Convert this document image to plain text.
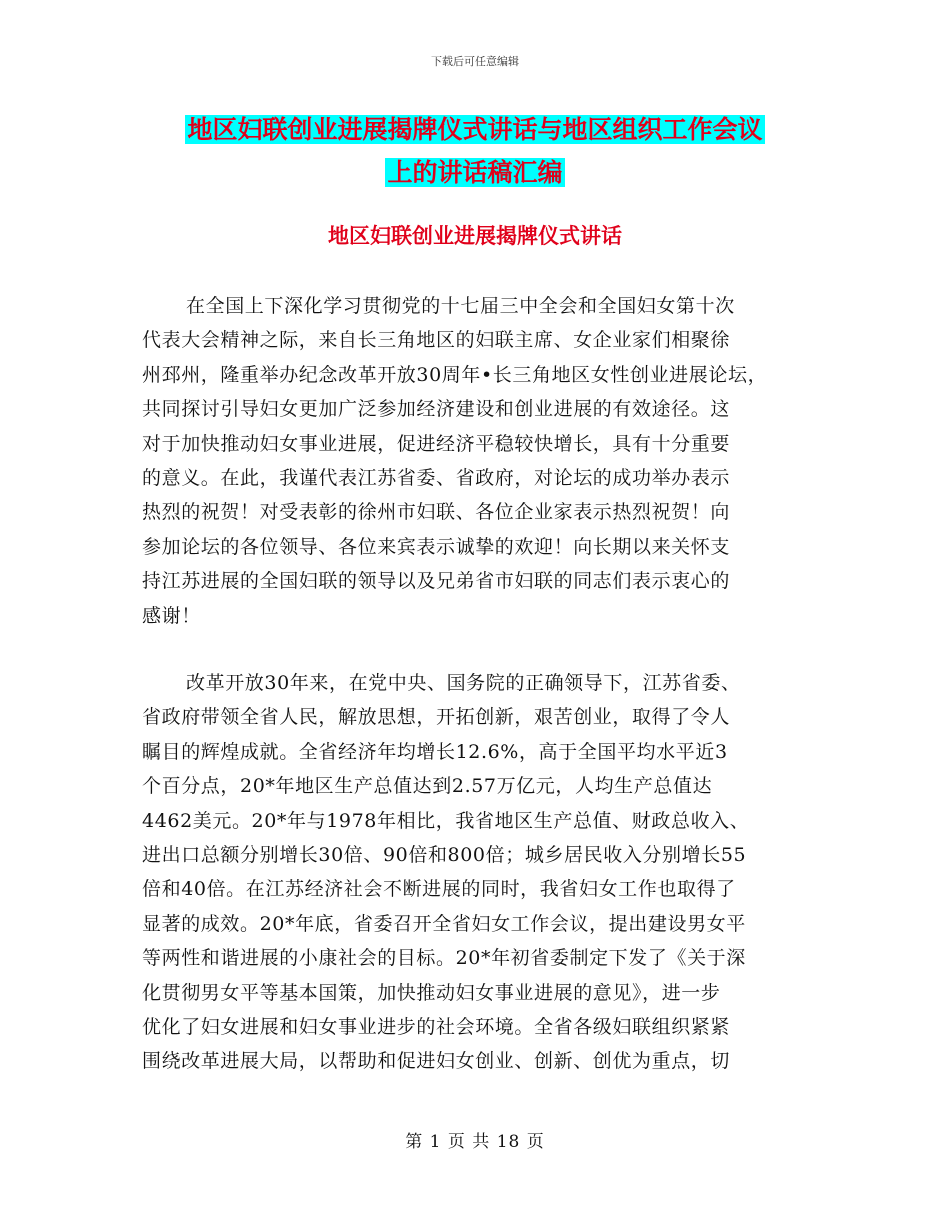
下载后可任意编辑
地区妇联创业进展揭牌仪式讲话与地区组织工作会议
上的讲话稿汇编
地区妇联创业进展揭牌仪式讲话
在全国上下深化学习贯彻党的十七届三中全会和全国妇女第十次
代表大会精神之际，来自长三角地区的妇联主席、女企业家们相聚徐
州邳州，隆重举办纪念改革开放30周年•长三角地区女性创业进展论坛，
共同探讨引导妇女更加广泛参加经济建设和创业进展的有效途径。这
对于加快推动妇女事业进展，促进经济平稳较快增长，具有十分重要
的意义。在此，我谨代表江苏省委、省政府，对论坛的成功举办表示
热烈的祝贺！对受表彰的徐州市妇联、各位企业家表示热烈祝贺！向
参加论坛的各位领导、各位来宾表示诚挚的欢迎！向长期以来关怀支
持江苏进展的全国妇联的领导以及兄弟省市妇联的同志们表示衷心的
感谢！
改革开放30年来，在党中央、国务院的正确领导下，江苏省委、
省政府带领全省人民，解放思想，开拓创新，艰苦创业，取得了令人
瞩目的辉煌成就。全省经济年均增长12.6%，高于全国平均水平近3
个百分点，20*年地区生产总值达到2.57万亿元，人均生产总值达
4462美元。20*年与1978年相比，我省地区生产总值、财政总收入、
进出口总额分别增长30倍、90倍和800倍；城乡居民收入分别增长55
倍和40倍。在江苏经济社会不断进展的同时，我省妇女工作也取得了
显著的成效。20*年底，省委召开全省妇女工作会议，提出建设男女平
等两性和谐进展的小康社会的目标。20*年初省委制定下发了《关于深
化贯彻男女平等基本国策，加快推动妇女事业进展的意见》，进一步
优化了妇女进展和妇女事业进步的社会环境。全省各级妇联组织紧紧
围绕改革进展大局，以帮助和促进妇女创业、创新、创优为重点，切
第 1 页 共 18 页
